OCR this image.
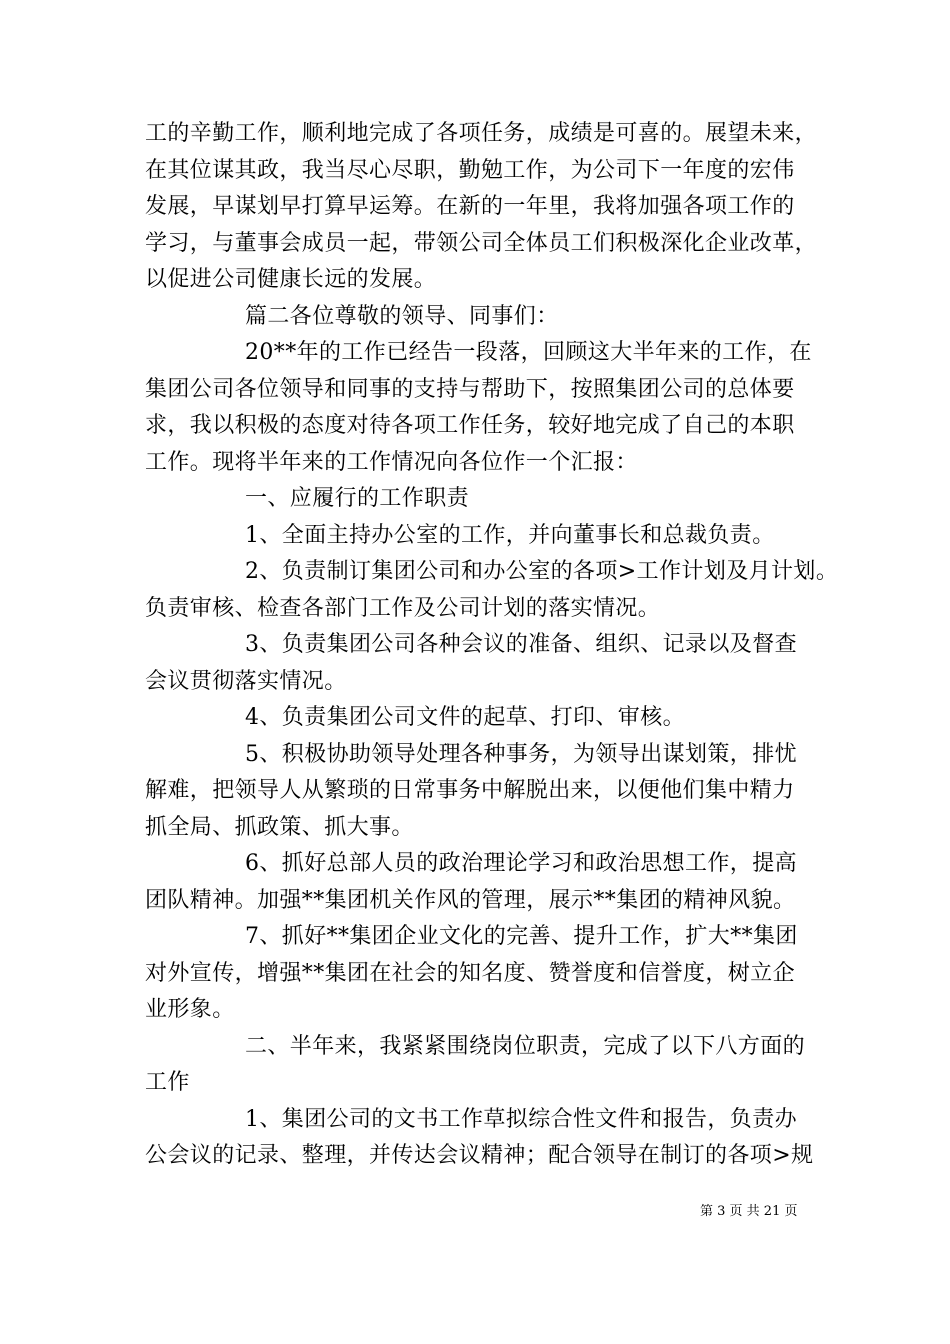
工的辛勤工作，顺利地完成了各项任务，成绩是可喜的。展望未来，
在其位谋其政，我当尽心尽职，勤勉工作，为公司下一年度的宏伟
发展，早谋划早打算早运筹。在新的一年里，我将加强各项工作的
学习，与董事会成员一起，带领公司全体员工们积极深化企业改革，
以促进公司健康长远的发展。
篇二各位尊敬的领导、同事们：
20**年的工作已经告一段落，回顾这大半年来的工作，在
集团公司各位领导和同事的支持与帮助下，按照集团公司的总体要
求，我以积极的态度对待各项工作任务，较好地完成了自己的本职
工作。现将半年来的工作情况向各位作一个汇报：
一、应履行的工作职责
1、全面主持办公室的工作，并向董事长和总裁负责。
2、负责制订集团公司和办公室的各项>工作计划及月计划。
负责审核、检查各部门工作及公司计划的落实情况。
3、负责集团公司各种会议的准备、组织、记录以及督查
会议贯彻落实情况。
4、负责集团公司文件的起草、打印、审核。
5、积极协助领导处理各种事务，为领导出谋划策，排忧
解难，把领导人从繁琐的日常事务中解脱出来，以便他们集中精力
抓全局、抓政策、抓大事。
6、抓好总部人员的政治理论学习和政治思想工作，提高
团队精神。加强**集团机关作风的管理，展示**集团的精神风貌。
7、抓好**集团企业文化的完善、提升工作，扩大**集团
对外宣传，增强**集团在社会的知名度、赞誉度和信誉度，树立企
业形象。
二、半年来，我紧紧围绕岗位职责，完成了以下八方面的
工作
1、集团公司的文书工作草拟综合性文件和报告，负责办
公会议的记录、整理，并传达会议精神；配合领导在制订的各项>规
第 3 页 共 21 页
